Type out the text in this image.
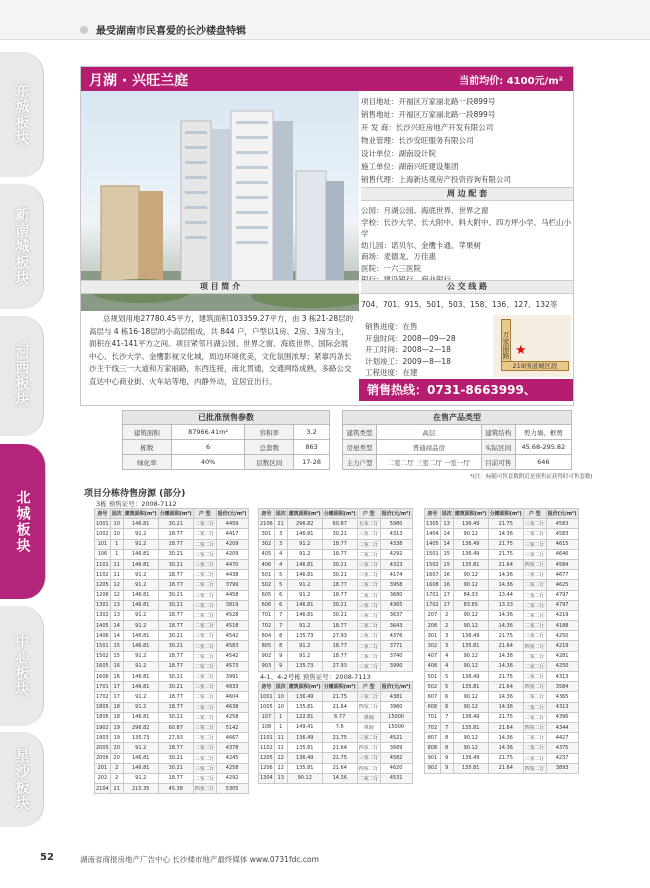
最受湖南市民喜爱的长沙楼盘特辑
东城板块
新南城板块
河西板块
北城板块
中心板块
星沙板块
月湖 · 兴旺兰庭	当前均价: 4100元/m²
项目地址：开福区万家丽北路一段899号
销售地址：开福区万家丽北路一段899号
开 发 商：长沙兴旺房地产开发有限公司
物业管理：长沙安旺服务有限公司
设计单位：湖南设计院
施工单位：湖南兴旺建设集团
销售代理：上海新达观房产投资咨询有限公司
周 边 配 套
公园：月湖公园、海底世界、世界之窗
学校：长沙大学、长大附中、料大附中、四方坪小学、马栏山小学
幼儿园：诺贝尔、金鹰卡通、苹果树
商场：麦德龙、万佳惠
医院：一六三医院
项 目 简 介
总规划用地27780.45平方，建筑面积103359.27平方，由 3 栋21-28层的高层与 4 栋16-18层的小高层组成，共 844 户，户型以1房、2房、3房为主，面积在41-141平方之间。项目紧邻月湖公园、世界之窗、海底世界、国际会展中心、长沙大学、金鹰影视文化城，周边环境优美，文化氛围浓厚；紧靠丙条长沙主干线三一大道和万家丽路，东西连接，南北贯通，交通网络成熟，多路公交直达中心商业街、火车站等地，内静外动，宜居宜出行。
公 交 线 路
704、701、915、501、503、158、136、127、132等
销售进度：在售
开盘时间：2008—09—28
开工时间：2008—2—18
计划竣工：2009—8—18
工程进度：在建
万家丽路
219国道城区段
★
销售热线：0731-8663999、
已批准预售参数			
建筑面积	87966.41m²	容积率	3.2
栋数	6	总套数	863
绿化率	40%	层数区间	17-28
在售产品类型			
建筑类型	高层	建筑结构	剪力墙、框剪
房屋类型	普通商品房	实际区间	45.68-295.82
主力户型	二室二厅 三室二厅 一室一厅	目前可售	646
*(注：标随可售套数附近是预售证获得时可售套数)
项目分栋待售房源 (部分)
3栋 预售证号：2008-7112
房号	层次	建筑面积(m²)	分摊面积(m²)	户 型	报价(元/m²)
1001	10	146.81	30.21	二室二厅	4459
1002	10	91.2	18.77	二室二厅	4417
101	1	91.2	18.77	二室二厅	4209
106	1	146.81	30.21	三室二厅	4209
1101	11	146.81	30.21	三室二厅	4470
1102	11	91.2	18.77	二室二厅	4438
1205	12	91.2	18.77	二室二厅	3799
1206	12	146.81	30.21	三室二厅	4458
1301	13	146.81	30.21	三室二厅	3819
1302	13	91.2	18.77	二室二厅	4528
1405	14	91.2	18.77	二室二厅	4518
1406	14	146.81	30.21	三室二厅	4542
1501	15	146.81	30.21	三室二厅	4583
1502	15	91.2	18.77	二室二厅	4542
1605	16	91.2	18.77	二室二厅	4573
1606	16	146.81	30.21	三室二厅	3991
1701	17	146.81	30.21	三室二厅	4833
1702	17	91.2	18.77	二室二厅	4604
1805	18	91.2	18.77	二室二厅	4638
1806	18	146.81	30.21	三室二厅	4258
1902	19	296.82	60.87	三室二厅	5142
1903	19	135.73	27.93	二室二厅	4667
2005	20	91.2	18.77	二室二厅	4378
2006	20	146.81	30.21	三室二厅	4245
201	2	146.81	30.21	三室二厅	4258
202	2	91.2	18.77	二室二厅	4292
2104	21	215.35	45.38	四室二厅	5305
房号	层次	建筑面积(m²)	分摊面积(m²)	户 型	报价(元/m²)
2106	21	296.82	60.87	五室二厅	5980
301	3	146.81	30.21	三室二厅	4313
302	3	91.2	18.77	二室二厅	4338
405	4	91.2	18.77	二室二厅	4292
406	4	146.81	30.21	三室二厅	4323
501	5	146.81	30.21	三室二厅	4174
502	5	91.2	18.77	二室二厅	3958
605	6	91.2	18.77	二室二厅	3680
606	6	146.81	30.21	三室二厅	4365
701	7	146.81	30.21	三室二厅	3637
702	7	91.2	18.77	二室二厅	3643
804	8	135.73	27.93	三室二厅	4376
805	8	91.2	18.77	二室二厅	3771
902	9	91.2	18.77	二室二厅	3740
903	9	135.73	27.93	三室二厅	3990
4-1、4-2号栋 预售证号：2008-7113
房号	层次	建筑面积(m²)	分摊面积(m²)	户 型	报价(元/m²)
1001	10	136.49	21.75	三室二厅	4381
1005	10	135.81	21.64	四室二厅	3980
107	1	122.81	6.77	单间	15000
108	1	149.41	7.6	单间	15000
1101	11	136.49	21.75	三室二厅	4521
1102	11	135.81	21.64	四室二厅	3689
1205	12	136.49	21.75	三室二厅	4582
1206	12	135.81	21.64	四室二厅	4620
1304	13	90.12	14.36	二室二厅	4531
房号	层次	建筑面积(m²)	分摊面积(m²)	户 型	报价(元/m²)
1305	13	136.49	21.75	三室二厅	4583
1404	14	90.12	14.36	二室二厅	4583
1405	14	136.49	21.75	三室二厅	4615
1501	15	136.49	21.75	三室二厅	4646
1502	15	135.81	21.64	四室二厅	4584
1607	16	90.12	14.36	二室二厅	4677
1608	16	90.12	14.36	二室二厅	4625
1701	17	84.33	13.44	二室二厅	4797
1702	17	83.65	13.33	二室二厅	4797
207	2	90.12	14.36	二室二厅	4219
208	2	90.12	14.36	二室二厅	4188
301	3	136.49	21.75	三室二厅	4250
302	3	135.81	21.64	四室二厅	4219
407	4	90.12	14.36	二室二厅	4281
408	4	90.12	14.36	二室二厅	4250
501	5	136.49	21.75	三室二厅	4313
502	5	135.81	21.64	四室二厅	3584
607	6	90.12	14.36	二室二厅	4365
608	6	90.12	14.36	二室二厅	4313
701	7	136.49	21.75	三室二厅	4396
702	7	135.81	21.64	四室二厅	4344
807	8	90.12	14.36	二室二厅	4427
808	8	90.12	14.36	二室二厅	4375
901	9	136.49	21.75	三室二厅	4237
902	9	135.81	21.64	四室二厅	3893
52	湖南省商报房地产广告中心 长沙楼市地产最终媒体 www.0731fdc.com
